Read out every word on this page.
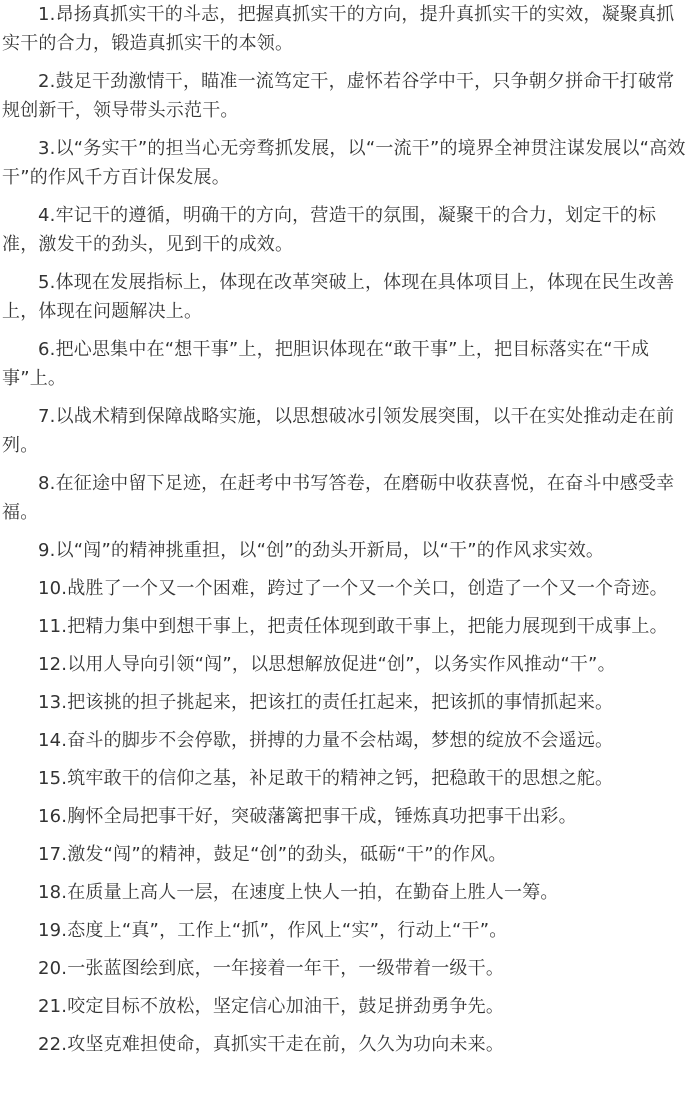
1.昂扬真抓实干的斗志，把握真抓实干的方向，提升真抓实干的实效，凝聚真抓实干的合力，锻造真抓实干的本领。

2.鼓足干劲激情干，瞄准一流笃定干，虚怀若谷学中干，只争朝夕拼命干打破常规创新干，领导带头示范干。

3.以“务实干”的担当心无旁骛抓发展，以“一流干”的境界全神贯注谋发展以“高效干”的作风千方百计保发展。

4.牢记干的遵循，明确干的方向，营造干的氛围，凝聚干的合力，划定干的标准，激发干的劲头，见到干的成效。

5.体现在发展指标上，体现在改革突破上，体现在具体项目上，体现在民生改善上，体现在问题解决上。

6.把心思集中在“想干事”上，把胆识体现在“敢干事”上，把目标落实在“干成事”上。

7.以战术精到保障战略实施，以思想破冰引领发展突围，以干在实处推动走在前列。

8.在征途中留下足迹，在赶考中书写答卷，在磨砺中收获喜悦，在奋斗中感受幸福。

9.以“闯”的精神挑重担，以“创”的劲头开新局，以“干”的作风求实效。

10.战胜了一个又一个困难，跨过了一个又一个关口，创造了一个又一个奇迹。

11.把精力集中到想干事上，把责任体现到敢干事上，把能力展现到干成事上。

12.以用人导向引领“闯”，以思想解放促进“创”，以务实作风推动“干”。

13.把该挑的担子挑起来，把该扛的责任扛起来，把该抓的事情抓起来。

14.奋斗的脚步不会停歇，拼搏的力量不会枯竭，梦想的绽放不会遥远。

15.筑牢敢干的信仰之基，补足敢干的精神之钙，把稳敢干的思想之舵。

16.胸怀全局把事干好，突破藩篱把事干成，锤炼真功把事干出彩。

17.激发“闯”的精神，鼓足“创”的劲头，砥砺“干”的作风。

18.在质量上高人一层，在速度上快人一拍，在勤奋上胜人一筹。

19.态度上“真”，工作上“抓”，作风上“实”，行动上“干”。

20.一张蓝图绘到底，一年接着一年干，一级带着一级干。

21.咬定目标不放松，坚定信心加油干，鼓足拼劲勇争先。

22.攻坚克难担使命，真抓实干走在前，久久为功向未来。
